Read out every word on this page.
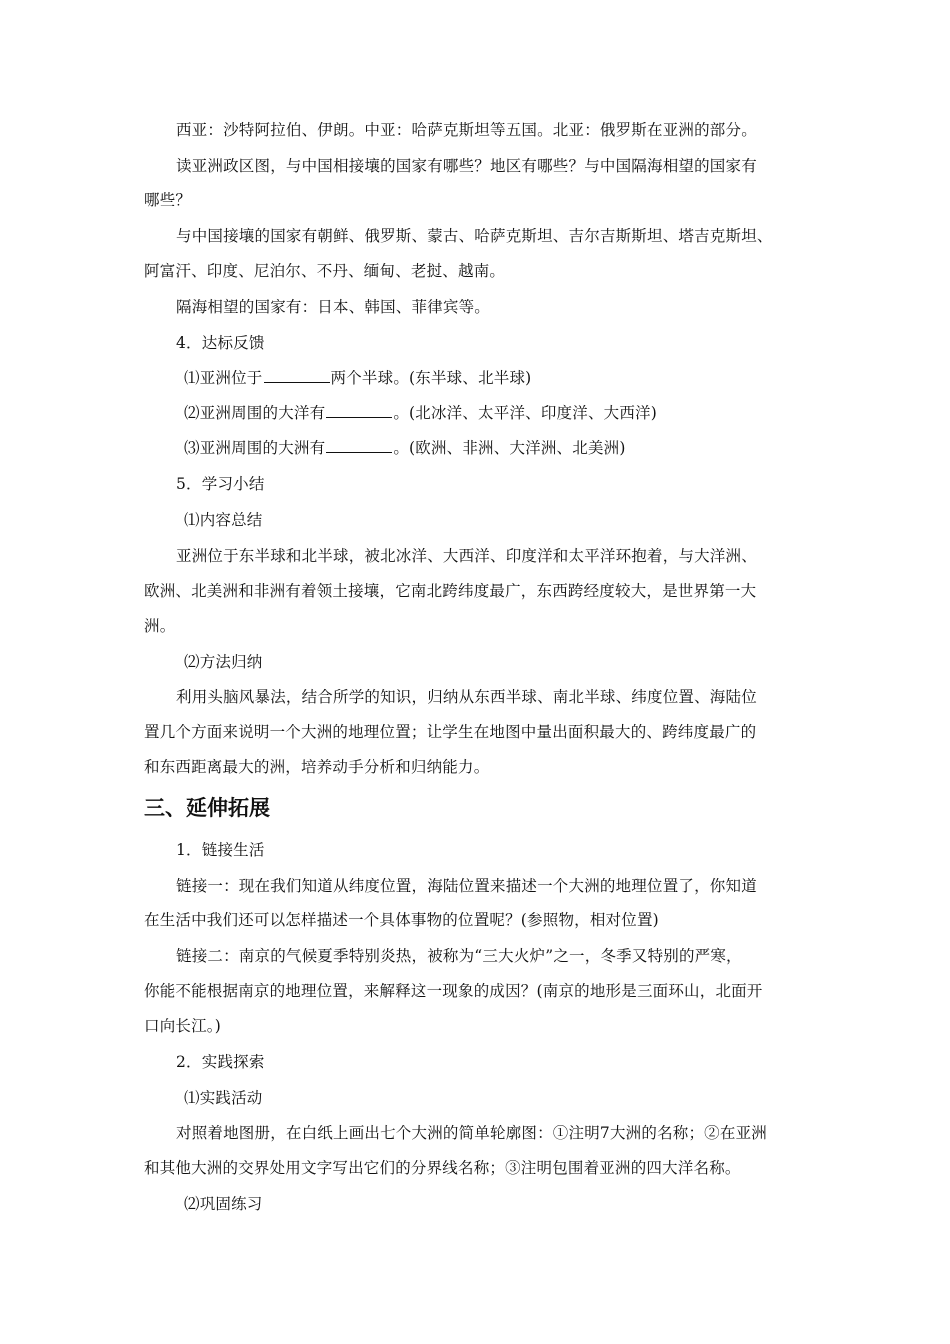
西亚：沙特阿拉伯、伊朗。中亚：哈萨克斯坦等五国。北亚：俄罗斯在亚洲的部分。
读亚洲政区图，与中国相接壤的国家有哪些？地区有哪些？与中国隔海相望的国家有
哪些？
与中国接壤的国家有朝鲜、俄罗斯、蒙古、哈萨克斯坦、吉尔吉斯斯坦、塔吉克斯坦、
阿富汗、印度、尼泊尔、不丹、缅甸、老挝、越南。
隔海相望的国家有：日本、韩国、菲律宾等。
4．达标反馈
⑴亚洲位于	两个半球。(东半球、北半球)
⑵亚洲周围的大洋有	。(北冰洋、太平洋、印度洋、大西洋)
⑶亚洲周围的大洲有	。(欧洲、非洲、大洋洲、北美洲)
5．学习小结
⑴内容总结
亚洲位于东半球和北半球，被北冰洋、大西洋、印度洋和太平洋环抱着，与大洋洲、
欧洲、北美洲和非洲有着领土接壤，它南北跨纬度最广，东西跨经度较大，是世界第一大
洲。
⑵方法归纳
利用头脑风暴法，结合所学的知识，归纳从东西半球、南北半球、纬度位置、海陆位
置几个方面来说明一个大洲的地理位置；让学生在地图中量出面积最大的、跨纬度最广的
和东西距离最大的洲，培养动手分析和归纳能力。
三、延伸拓展
1．链接生活
链接一：现在我们知道从纬度位置，海陆位置来描述一个大洲的地理位置了，你知道
在生活中我们还可以怎样描述一个具体事物的位置呢？(参照物，相对位置)
链接二：南京的气候夏季特别炎热，被称为“三大火炉”之一，冬季又特别的严寒，
你能不能根据南京的地理位置，来解释这一现象的成因？(南京的地形是三面环山，北面开
口向长江。)
2．实践探索
⑴实践活动
对照着地图册，在白纸上画出七个大洲的简单轮廓图：①注明7大洲的名称；②在亚洲
和其他大洲的交界处用文字写出它们的分界线名称；③注明包围着亚洲的四大洋名称。
⑵巩固练习
